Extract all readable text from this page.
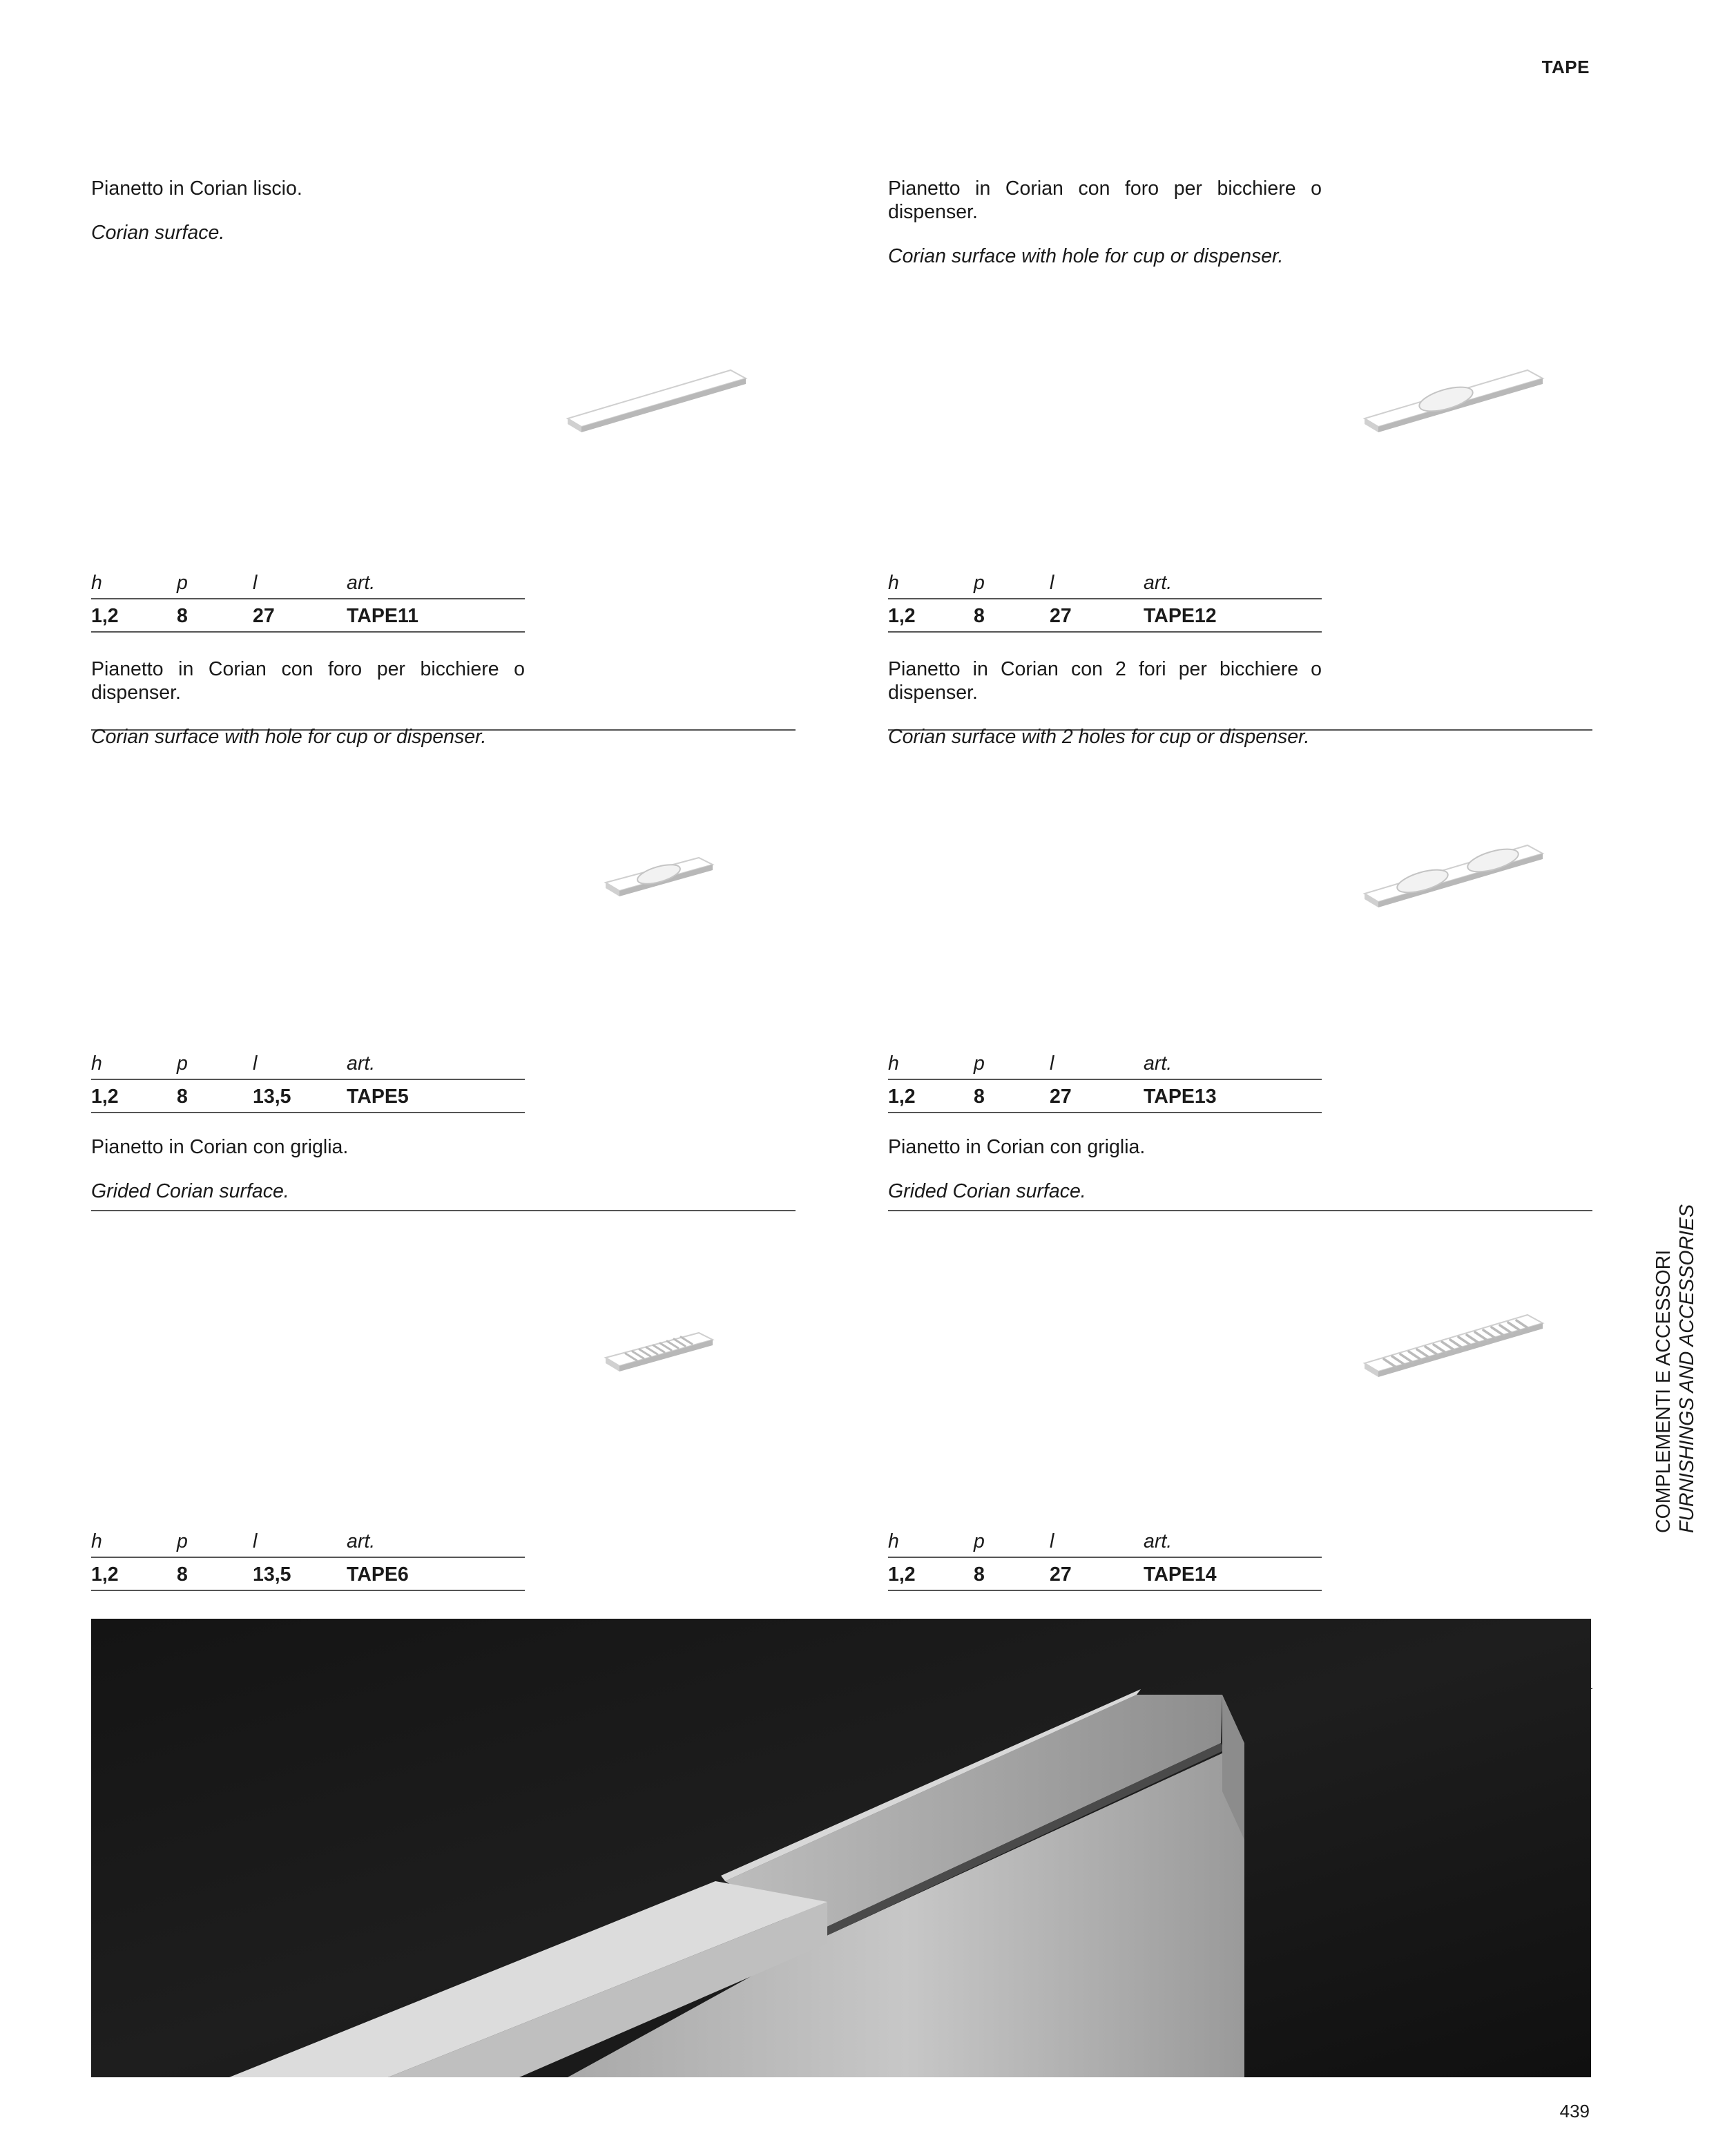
TAPE

Pianetto in Corian liscio.

Corian surface.

h	p	l	art.
1,2	8	27	TAPE11

Pianetto in Corian con foro per bicchiere o dispenser.

Corian surface with hole for cup or dispenser.

h	p	l	art.
1,2	8	27	TAPE12

Pianetto in Corian con foro per bicchiere o dispenser.

Corian surface with hole for cup or dispenser.

h	p	l	art.
1,2	8	13,5	TAPE5

Pianetto in Corian con 2 fori per bicchiere o dispenser.

Corian surface with 2 holes for cup or dispenser.

h	p	l	art.
1,2	8	27	TAPE13

Pianetto in Corian con griglia.

Grided Corian surface.

h	p	l	art.
1,2	8	13,5	TAPE6

Pianetto in Corian con griglia.

Grided Corian surface.

h	p	l	art.
1,2	8	27	TAPE14
COMPLEMENTI E ACCESSORI FURNISHINGS AND ACCESSORIES
439
